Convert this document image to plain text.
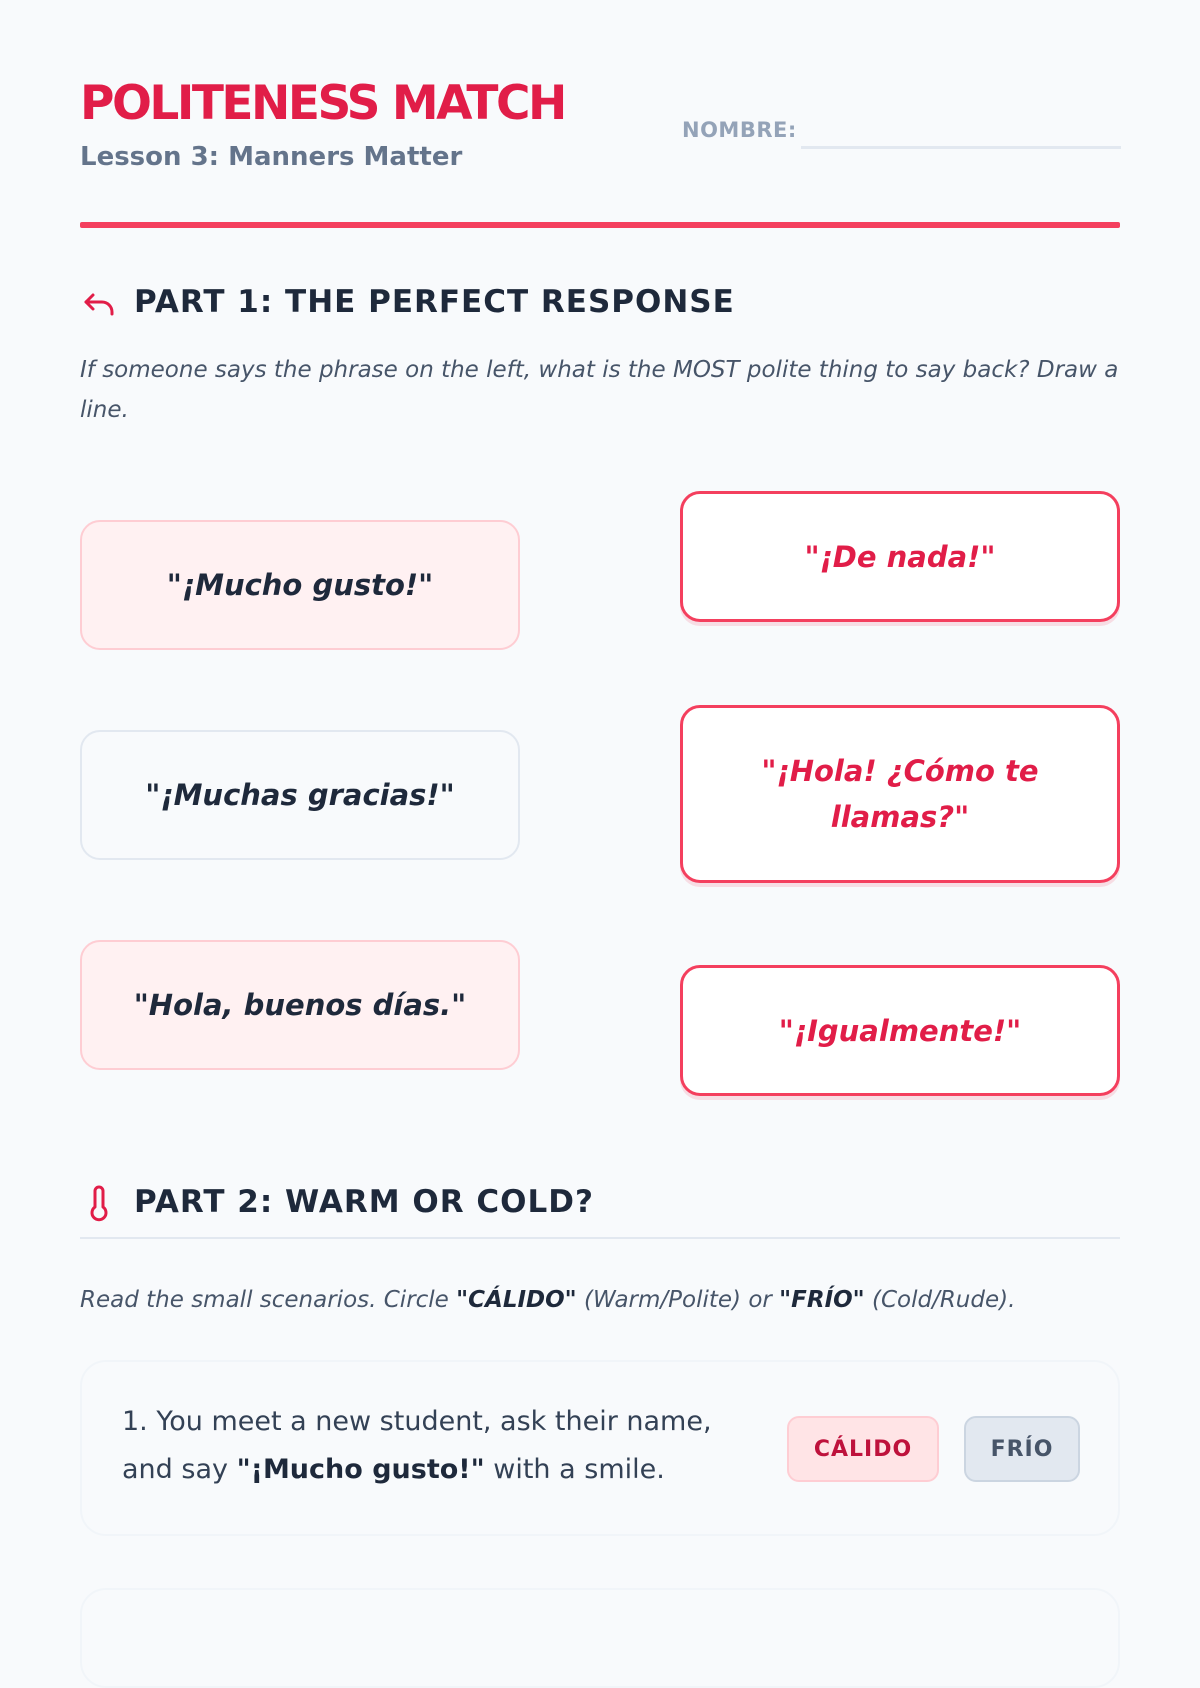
POLITENESS MATCH
Lesson 3: Manners Matter
NOMBRE:
PART 1: THE PERFECT RESPONSE
If someone says the phrase on the left, what is the MOST polite thing to say back? Draw a line.
"¡Mucho gusto!"
"¡Muchas gracias!"
"Hola, buenos días."
"¡De nada!"
"¡Hola! ¿Cómo te llamas?"
"¡Igualmente!"
PART 2: WARM OR COLD?
Read the small scenarios. Circle "CÁLIDO" (Warm/Polite) or "FRÍO" (Cold/Rude).
1. You meet a new student, ask their name, and say "¡Mucho gusto!" with a smile.
CÁLIDO	FRÍO
